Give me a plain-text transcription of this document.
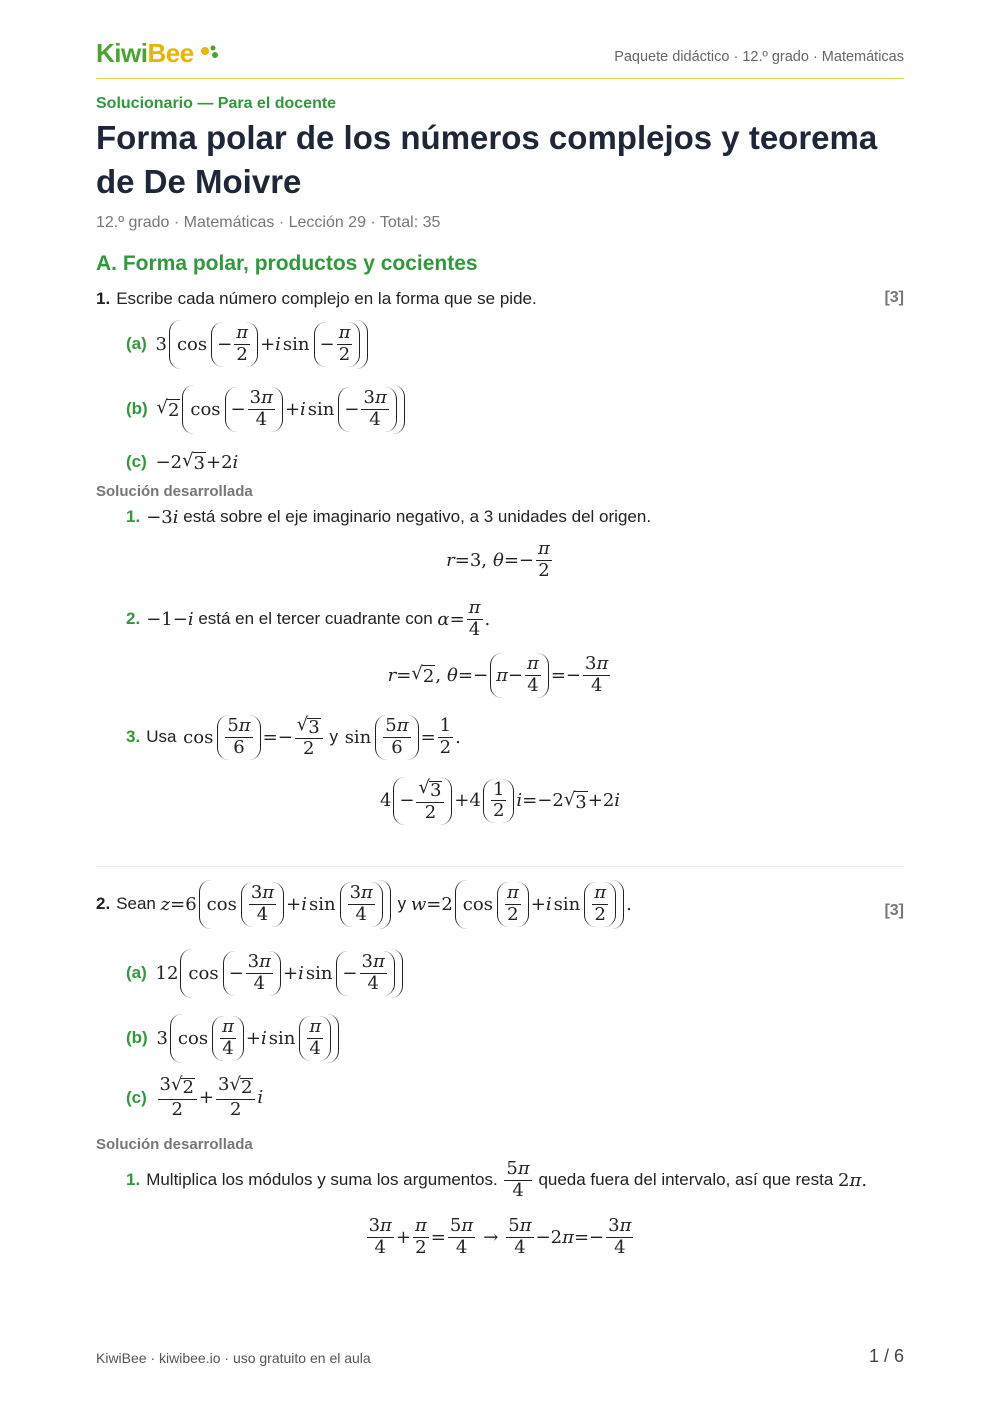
KiwiBee	Paquete didáctico · 12.º grado · Matemáticas
Solucionario — Para el docente
Forma polar de los números complejos y teorema de De Moivre
12.º grado · Matemáticas · Lección 29 · Total: 35
A. Forma polar, productos y cocientes
1. Escribe cada número complejo en la forma que se pide.	[3]
(a) 3 $\cos - \frac{\pi}{2} + i$ $\sin - \frac{\pi}{2}$
(b) √ 2 $\cos - \frac{3\pi}{4} + i$ $\sin - \frac{3\pi}{4}$
(c) −2 √ 3 +2 i
Solución desarrollada
1. −3 i está sobre el eje imaginario negativo, a 3 unidades del origen.
r =3, $\theta =- \frac{\pi}{2}$
2. −1− i está en el tercer cuadrante con $\alpha = \frac{\pi}{4}$ .
r = √ 2 , $\theta =- \pi - \frac{\pi}{4} =- \frac{3\pi}{4}$
3. Usa $\cos \frac{5\pi}{6} =- \frac{√ 3}{2}$ y $\sin \frac{5\pi}{6} = \frac{1}{2}$ .
$4 - \frac{√ 3}{2} +4 \frac{1}{2}$ i =−2 √ 3 +2 i
2. Sean z =6 $\cos \frac{3\pi}{4} + i$ $\sin \frac{3\pi}{4}$ y w =2 $\cos \frac{\pi}{2} + i$ $\sin \frac{\pi}{2}$ .	[3]
(a) 12 $\cos - \frac{3\pi}{4} + i$ $\sin - \frac{3\pi}{4}$
(b) 3 $\cos \frac{\pi}{4} + i$ $\sin \frac{\pi}{4}$
$(c) \frac{3 √ 2}{2} + \frac{3 √ 2}{2}$ i
Solución desarrollada
1. Multiplica los módulos y suma los argumentos. $\frac{5\pi}{4}$ queda fuera del intervalo, así que resta 2 π .
$\frac{3\pi}{4} + \frac{\pi}{2} = \frac{5\pi}{4} \to \frac{5\pi}{4} -2$ $\pi =- \frac{3\pi}{4}$
KiwiBee · kiwibee.io · uso gratuito en el aula	1 / 6
